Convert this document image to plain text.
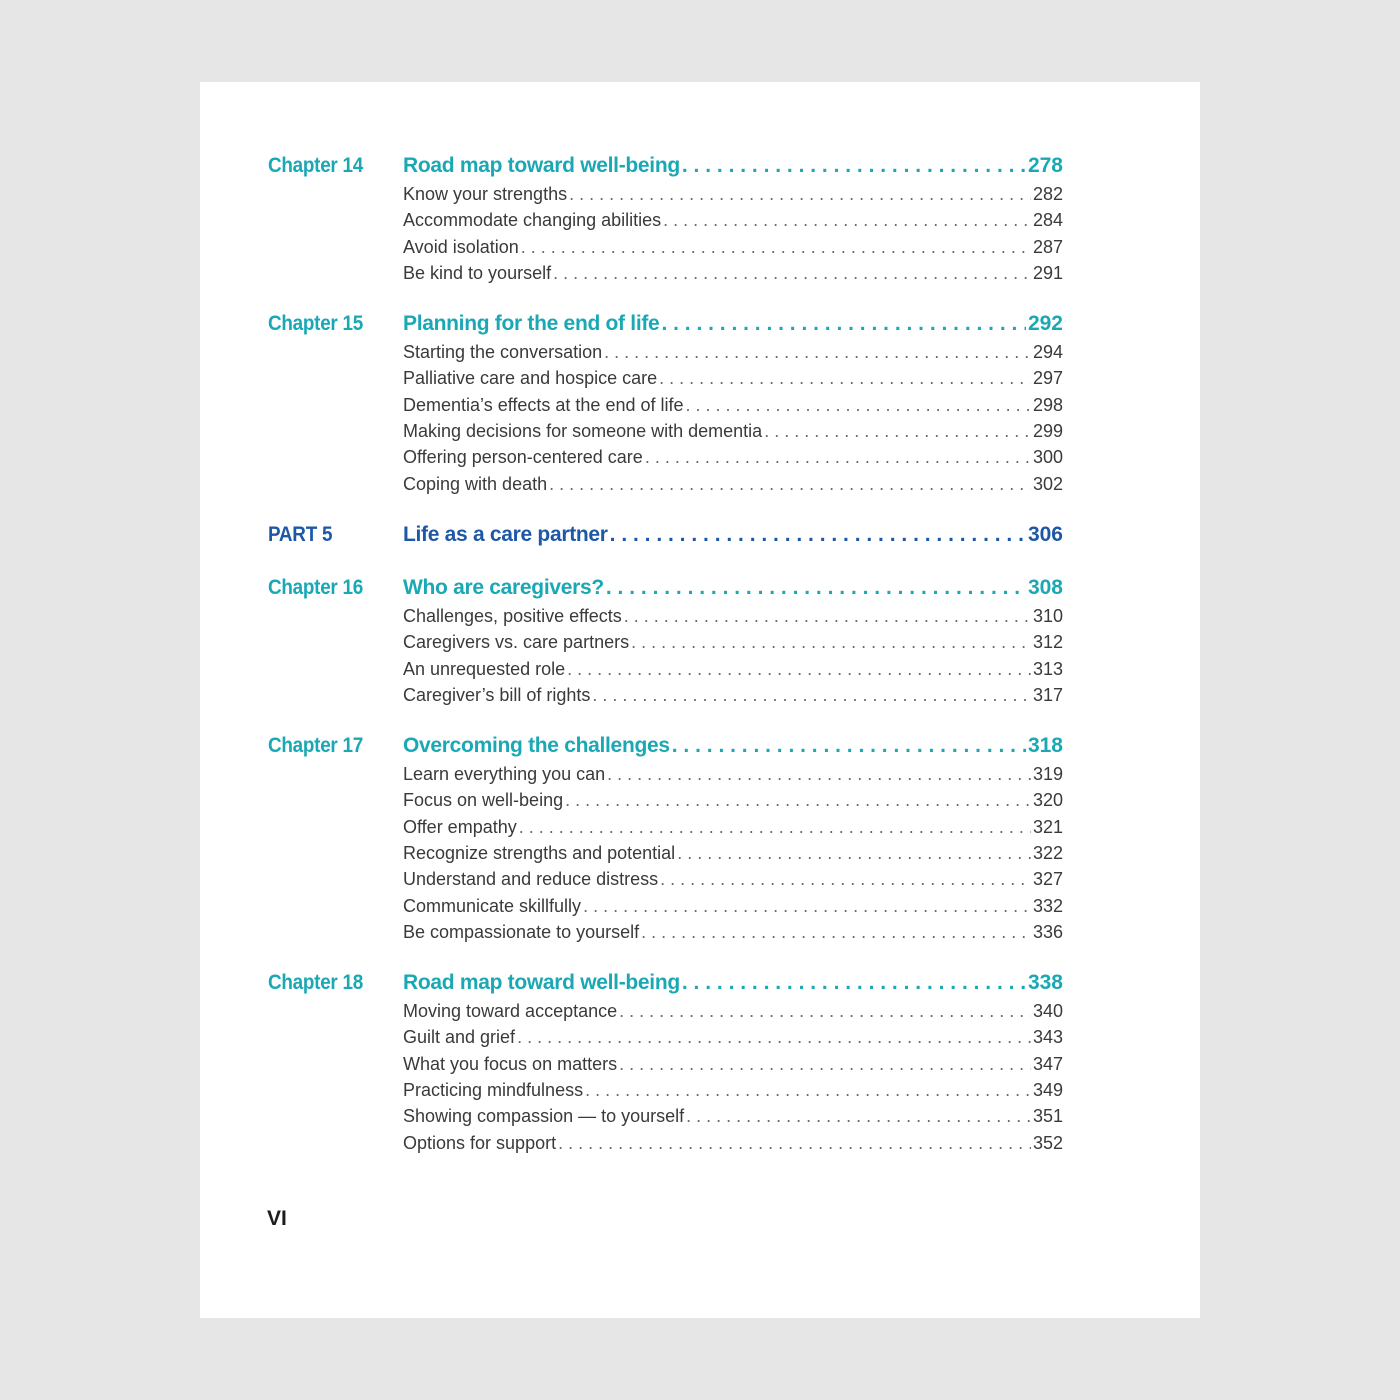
Chapter 14 Road map toward well-being . . .	278
Know your strengths . . .	282
Accommodate changing abilities . . .	284
Avoid isolation . . .	287
Be kind to yourself . . .	291
Chapter 15 Planning for the end of life . . .	292
Starting the conversation . . .	294
Palliative care and hospice care . . .	297
Dementia’s effects at the end of life . . .	298
Making decisions for someone with dementia . . .	299
Offering person-centered care . . .	300
Coping with death . . .	302
PART 5	Life as a care partner . . .	306
Chapter 16 Who are caregivers? . . .	308
Challenges, positive effects . . .	310
Caregivers vs. care partners . . .	312
An unrequested role . . .	313
Caregiver’s bill of rights . . .	317
Chapter 17 Overcoming the challenges . . .	318
Learn everything you can . . .	319
Focus on well-being . . .	320
Offer empathy . . .	321
Recognize strengths and potential . . .	322
Understand and reduce distress . . .	327
Communicate skillfully . . .	332
Be compassionate to yourself . . .	336
Chapter 18 Road map toward well-being . . .	338
Moving toward acceptance . . .	340
Guilt and grief . . .	343
What you focus on matters . . .	347
Practicing mindfulness . . .	349
Showing compassion — to yourself . . .	351
Options for support . . .	352
VI
